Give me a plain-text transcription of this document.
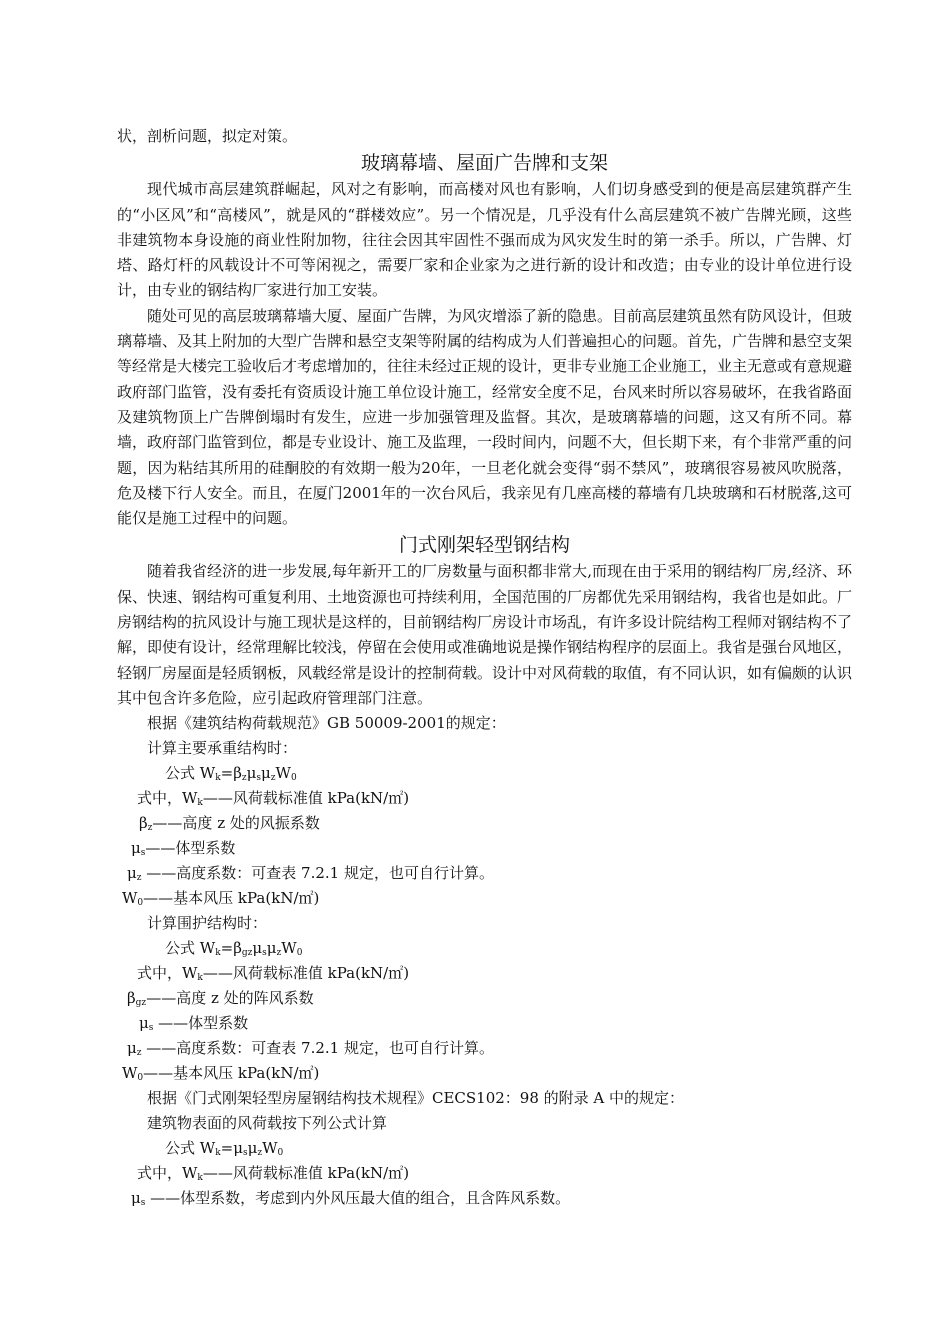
状，剖析问题，拟定对策。

玻璃幕墙、屋面广告牌和支架

现代城市高层建筑群崛起，风对之有影响，而高楼对风也有影响，人们切身感受到的便是高层建筑群产生的“小区风”和“高楼风”，就是风的“群楼效应”。另一个情况是，几乎没有什么高层建筑不被广告牌光顾，这些非建筑物本身设施的商业性附加物，往往会因其牢固性不强而成为风灾发生时的第一杀手。所以，广告牌、灯塔、路灯杆的风载设计不可等闲视之，需要厂家和企业家为之进行新的设计和改造；由专业的设计单位进行设计，由专业的钢结构厂家进行加工安装。

随处可见的高层玻璃幕墙大厦、屋面广告牌，为风灾增添了新的隐患。目前高层建筑虽然有防风设计，但玻璃幕墙、及其上附加的大型广告牌和悬空支架等附属的结构成为人们普遍担心的问题。首先，广告牌和悬空支架等经常是大楼完工验收后才考虑增加的，往往未经过正规的设计，更非专业施工企业施工，业主无意或有意规避政府部门监管，没有委托有资质设计施工单位设计施工，经常安全度不足，台风来时所以容易破坏，在我省路面及建筑物顶上广告牌倒塌时有发生，应进一步加强管理及监督。其次，是玻璃幕墙的问题，这又有所不同。幕墙，政府部门监管到位，都是专业设计、施工及监理，一段时间内，问题不大，但长期下来，有个非常严重的问题，因为粘结其所用的硅酮胶的有效期一般为20年，一旦老化就会变得“弱不禁风”，玻璃很容易被风吹脱落，危及楼下行人安全。而且，在厦门2001年的一次台风后，我亲见有几座高楼的幕墙有几块玻璃和石材脱落,这可能仅是施工过程中的问题。

门式刚架轻型钢结构

随着我省经济的进一步发展,每年新开工的厂房数量与面积都非常大,而现在由于采用的钢结构厂房,经济、环保、快速、钢结构可重复利用、土地资源也可持续利用，全国范围的厂房都优先采用钢结构，我省也是如此。厂房钢结构的抗风设计与施工现状是这样的，目前钢结构厂房设计市场乱，有许多设计院结构工程师对钢结构不了解，即使有设计，经常理解比较浅，停留在会使用或准确地说是操作钢结构程序的层面上。我省是强台风地区，轻钢厂房屋面是轻质钢板，风载经常是设计的控制荷载。设计中对风荷载的取值，有不同认识，如有偏颇的认识其中包含许多危险，应引起政府管理部门注意。

根据《建筑结构荷载规范》GB 50009-2001的规定：
计算主要承重结构时：
公式 $W_k=\beta_z\mu_s\mu_zW_0$
式中，$W_k——$风荷载标准值 kPa(kN/㎡)
$\beta_z——$高度 z 处的风振系数
$\mu_s——$体型系数
$\mu_z$ ——高度系数：可查表 7.2.1 规定，也可自行计算。
$W_0——$基本风压 kPa(kN/㎡)
计算围护结构时：
公式 $W_k=\beta_{gz}\mu_s\mu_zW_0$
式中，$W_k——$风荷载标准值 kPa(kN/㎡)
$\beta_{gz}——$高度 z 处的阵风系数
$\mu_s$ ——体型系数
$\mu_z$ ——高度系数：可查表 7.2.1 规定，也可自行计算。
$W_0——$基本风压 kPa(kN/㎡)
根据《门式刚架轻型房屋钢结构技术规程》CECS102：98 的附录 A 中的规定：
建筑物表面的风荷载按下列公式计算
公式 $W_k=\mu_s\mu_zW_0$
式中，$W_k——$风荷载标准值 kPa(kN/㎡)
$\mu_s$ ——体型系数，考虑到内外风压最大值的组合，且含阵风系数。
